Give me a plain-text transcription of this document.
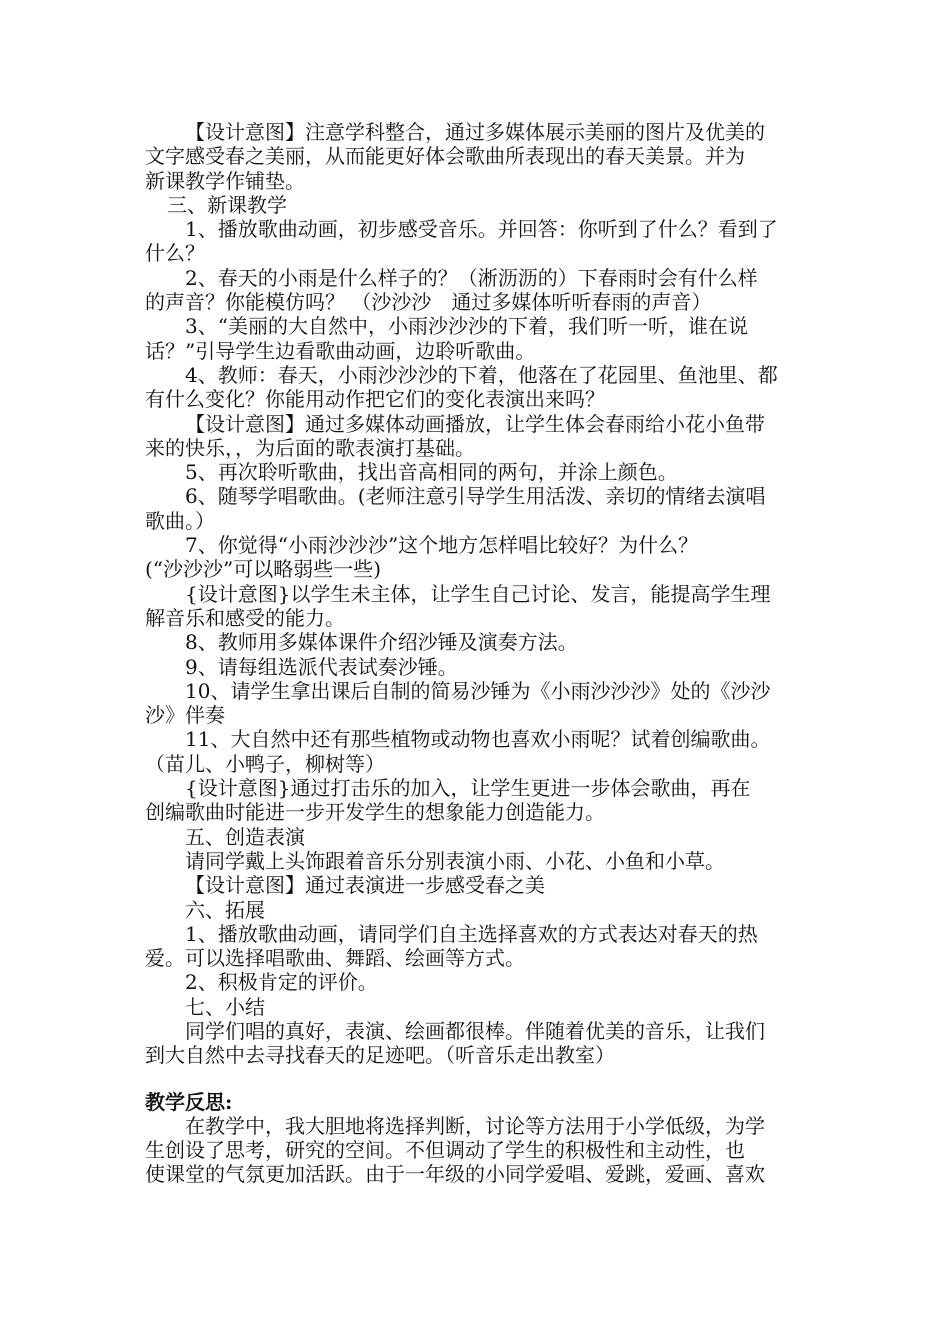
【设计意图】注意学科整合，通过多媒体展示美丽的图片及优美的
文字感受春之美丽，从而能更好体会歌曲所表现出的春天美景。并为
新课教学作铺垫。
三、新课教学
1、播放歌曲动画，初步感受音乐。并回答：你听到了什么？看到了
什么？
2、春天的小雨是什么样子的？（淅沥沥的）下春雨时会有什么样
的声音？你能模仿吗？ （沙沙沙　通过多媒体听听春雨的声音）
3、“美丽的大自然中，小雨沙沙沙的下着，我们听一听，谁在说
话？”引导学生边看歌曲动画，边聆听歌曲。
4、教师：春天，小雨沙沙沙的下着，他落在了花园里、鱼池里、都
有什么变化？你能用动作把它们的变化表演出来吗？
【设计意图】通过多媒体动画播放，让学生体会春雨给小花小鱼带
来的快乐，，为后面的歌表演打基础。
5、再次聆听歌曲，找出音高相同的两句，并涂上颜色。
6、随琴学唱歌曲。(老师注意引导学生用活泼、亲切的情绪去演唱
歌曲。）
7、你觉得“小雨沙沙沙”这个地方怎样唱比较好？为什么？
(“沙沙沙”可以略弱些一些)
{设计意图}以学生未主体，让学生自己讨论、发言，能提高学生理
解音乐和感受的能力。
8、教师用多媒体课件介绍沙锤及演奏方法。
9、请每组选派代表试奏沙锤。
10、请学生拿出课后自制的简易沙锤为《小雨沙沙沙》处的《沙沙
沙》伴奏
11、大自然中还有那些植物或动物也喜欢小雨呢？试着创编歌曲。
（苗儿、小鸭子，柳树等）
{设计意图}通过打击乐的加入，让学生更进一步体会歌曲，再在
创编歌曲时能进一步开发学生的想象能力创造能力。
五、创造表演
请同学戴上头饰跟着音乐分别表演小雨、小花、小鱼和小草。
【设计意图】通过表演进一步感受春之美
六、拓展
1、播放歌曲动画，请同学们自主选择喜欢的方式表达对春天的热
爱。可以选择唱歌曲、舞蹈、绘画等方式。
2、积极肯定的评价。
七、小结
同学们唱的真好，表演、绘画都很棒。伴随着优美的音乐，让我们
到大自然中去寻找春天的足迹吧。（听音乐走出教室）
教学反思:
在教学中，我大胆地将选择判断，讨论等方法用于小学低级，为学
生创设了思考，研究的空间。不但调动了学生的积极性和主动性，也
使课堂的气氛更加活跃。由于一年级的小同学爱唱、爱跳，爱画、喜欢
